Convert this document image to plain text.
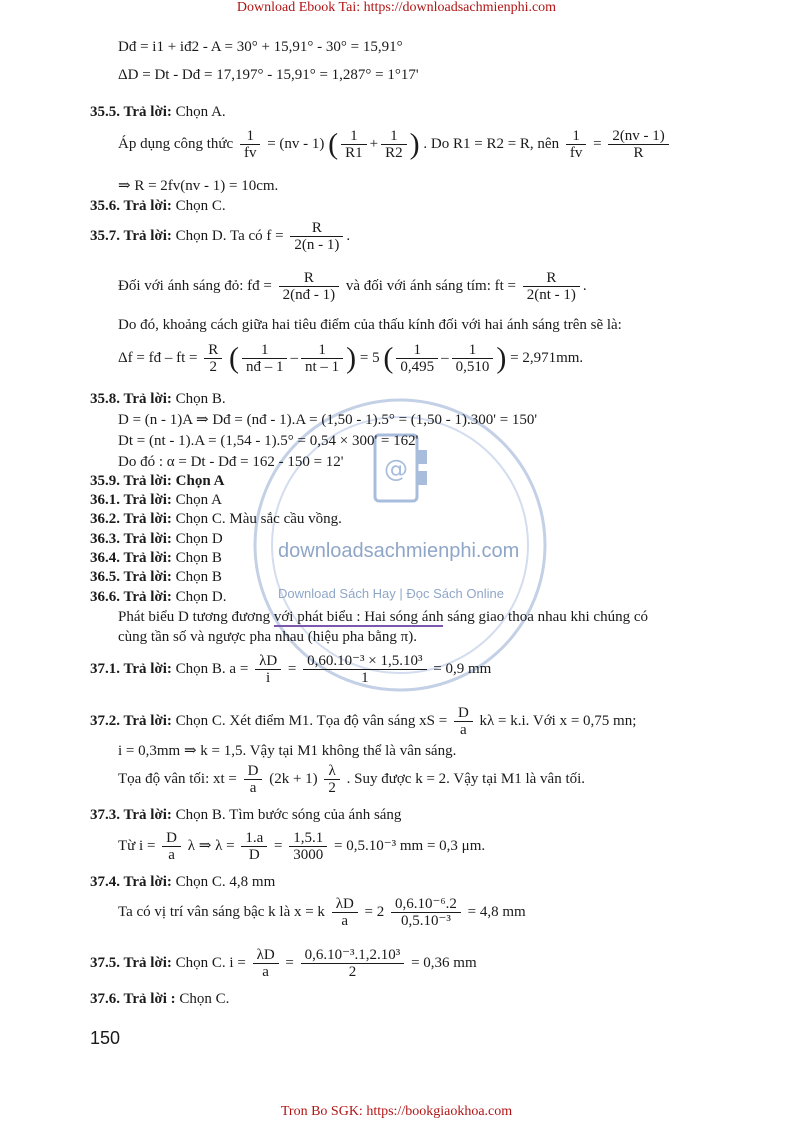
Download Ebook Tai: https://downloadsachmienphi.com
@
downloadsachmienphi.com
Download Sách Hay | Đọc Sách Online
Dđ = i1 + iđ2 - A = 30° + 15,91° - 30° = 15,91°
ΔD = Dt - Dđ = 17,197° - 15,91° = 1,287° = 1°17'
35.5. Trả lời: Chọn A.
Áp dụng công thức $\frac{1}{fv} = (nv - 1)$ ( $\frac{1}{R1} + \frac{1}{R2}$ ) . Do R1 = R2 = R, nên $\frac{1}{fv} = \frac{2(nv - 1)}{R}$
⇒ R = 2fv(nv - 1) = 10cm.
35.6. Trả lời: Chọn C.
35.7. Trả lời: Chọn D. Ta có $f = \frac{R}{2(n - 1)}$ .
Đối với ánh sáng đỏ: fđ = $\frac{R}{2(nđ - 1)}$ và đối với ánh sáng tím: ft = $\frac{R}{2(nt - 1)}$ .
Do đó, khoảng cách giữa hai tiêu điểm của thấu kính đối với hai ánh sáng trên sẽ là:
Δf = fđ – ft = $\frac{R}{2}$ ( $\frac{1}{nđ - 1} - \frac{1}{nt - 1}$ ) = 5 ( $\frac{1}{0,495} - \frac{1}{0,510}$ ) = 2,971mm.
35.8. Trả lời: Chọn B.
D = (n - 1)A ⇒ Dđ = (nđ - 1).A = (1,50 - 1).5° = (1,50 - 1).300' = 150'
Dt = (nt - 1).A = (1,54 - 1).5° = 0,54 × 300' = 162'
Do đó : α = Dt - Dđ = 162 - 150 = 12'
35.9. Trả lời: Chọn A
36.1. Trả lời: Chọn A
36.2. Trả lời: Chọn C. Màu sắc cầu vồng.
36.3. Trả lời: Chọn D
36.4. Trả lời: Chọn B
36.5. Trả lời: Chọn B
36.6. Trả lời: Chọn D.
Phát biểu D tương đương với phát biểu : Hai sóng ánh sáng giao thoa nhau khi chúng có
cùng tần số và ngược pha nhau (hiệu pha bằng π).
37.1. Trả lời: Chọn B. $a = \frac{\lambda D}{i} = \frac{\text{0,60.10⁻³ × 1,5.10³}}{1} = 0,9$ mm
37.2. Trả lời: Chọn C. Xét điểm M1. Tọa độ vân sáng xS = $\frac{D}{a}$ kλ = k.i. Với x = 0,75 mn;
i = 0,3mm ⇒ k = 1,5. Vậy tại M1 không thể là vân sáng.
Tọa độ vân tối: xt = $\frac{D}{a} (2k + 1) \frac{\lambda}{2}$ . Suy được k = 2. Vậy tại M1 là vân tối.
37.3. Trả lời: Chọn B. Tìm bước sóng của ánh sáng
Từ $i = \frac{D}{a}$ λ ⇒ $\lambda = \frac{1.a}{D} = \frac{1,5.1}{3000} = 0,5.10^{-3}$ mm = 0,3 μm.
37.4. Trả lời: Chọn C. 4,8 mm
Ta có vị trí vân sáng bậc k là x = k $\frac{\lambda D}{a} = 2 \frac{\text{0,6.10⁻⁶.2}}{\text{0,5.10⁻³}} = 4,8$ mm
37.5. Trả lời: Chọn C. $i = \frac{\lambda D}{a} = \frac{\text{0,6.10⁻³.1,2.10³}}{2} = 0,36$ mm
37.6. Trả lời : Chọn C.
150
Tron Bo SGK: https://bookgiaokhoa.com
